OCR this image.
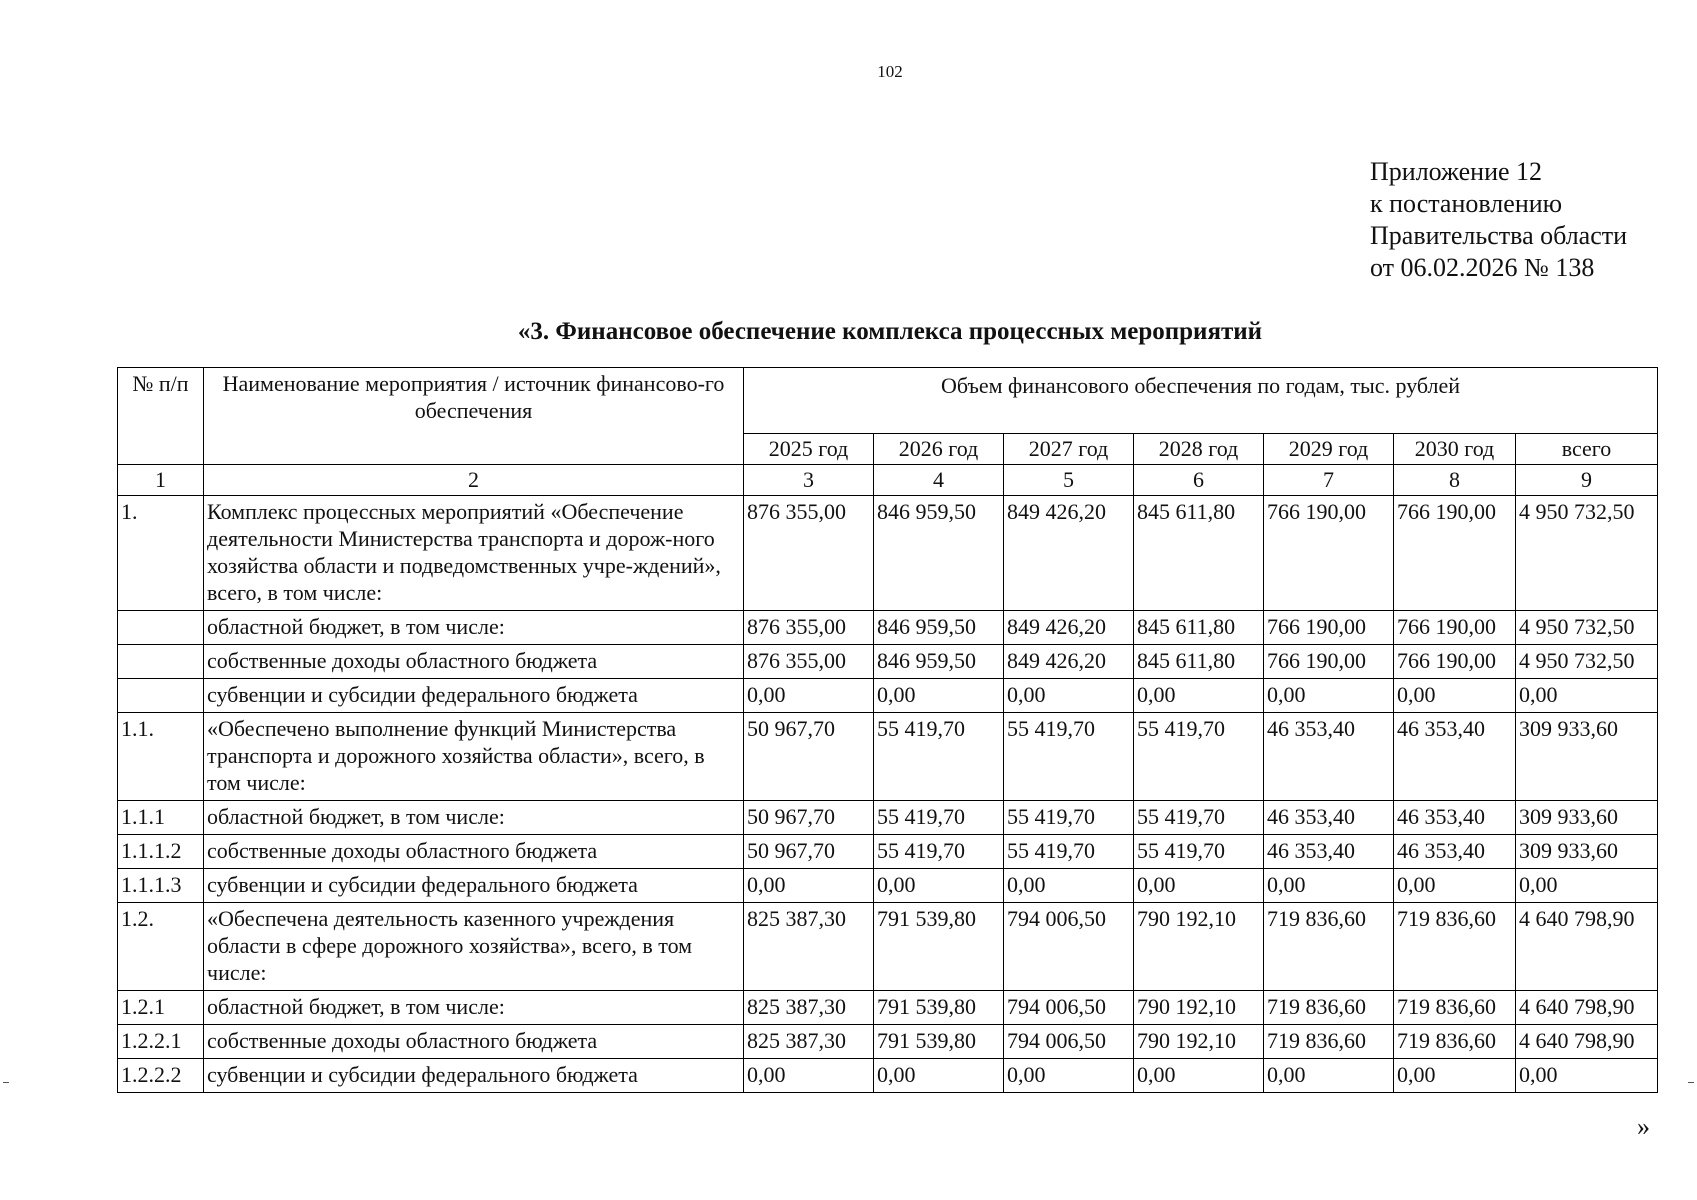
102
Приложение 12
к постановлению
Правительства области
от 06.02.2026 № 138
«3. Финансовое обеспечение комплекса процессных мероприятий
№ п/п	Наименование мероприятия / источник финансово-го обеспечения	Объем финансового обеспечения по годам, тыс. рублей						
		2025 год	2026 год	2027 год	2028 год	2029 год	2030 год	всего
1	2	3	4	5	6	7	8	9
1.	Комплекс процессных мероприятий «Обеспечение деятельности Министерства транспорта и дорож-ного хозяйства области и подведомственных учре-ждений», всего, в том числе:	876 355,00	846 959,50	849 426,20	845 611,80	766 190,00	766 190,00	4 950 732,50
	областной бюджет, в том числе:	876 355,00	846 959,50	849 426,20	845 611,80	766 190,00	766 190,00	4 950 732,50
	собственные доходы областного бюджета	876 355,00	846 959,50	849 426,20	845 611,80	766 190,00	766 190,00	4 950 732,50
	субвенции и субсидии федерального бюджета	0,00	0,00	0,00	0,00	0,00	0,00	0,00
1.1.	«Обеспечено выполнение функций Министерства транспорта и дорожного хозяйства области», всего, в том числе:	50 967,70	55 419,70	55 419,70	55 419,70	46 353,40	46 353,40	309 933,60
1.1.1	областной бюджет, в том числе:	50 967,70	55 419,70	55 419,70	55 419,70	46 353,40	46 353,40	309 933,60
1.1.1.2	собственные доходы областного бюджета	50 967,70	55 419,70	55 419,70	55 419,70	46 353,40	46 353,40	309 933,60
1.1.1.3	субвенции и субсидии федерального бюджета	0,00	0,00	0,00	0,00	0,00	0,00	0,00
1.2.	«Обеспечена деятельность казенного учреждения области в сфере дорожного хозяйства», всего, в том числе:	825 387,30	791 539,80	794 006,50	790 192,10	719 836,60	719 836,60	4 640 798,90
1.2.1	областной бюджет, в том числе:	825 387,30	791 539,80	794 006,50	790 192,10	719 836,60	719 836,60	4 640 798,90
1.2.2.1	собственные доходы областного бюджета	825 387,30	791 539,80	794 006,50	790 192,10	719 836,60	719 836,60	4 640 798,90
1.2.2.2	субвенции и субсидии федерального бюджета	0,00	0,00	0,00	0,00	0,00	0,00	0,00
»
